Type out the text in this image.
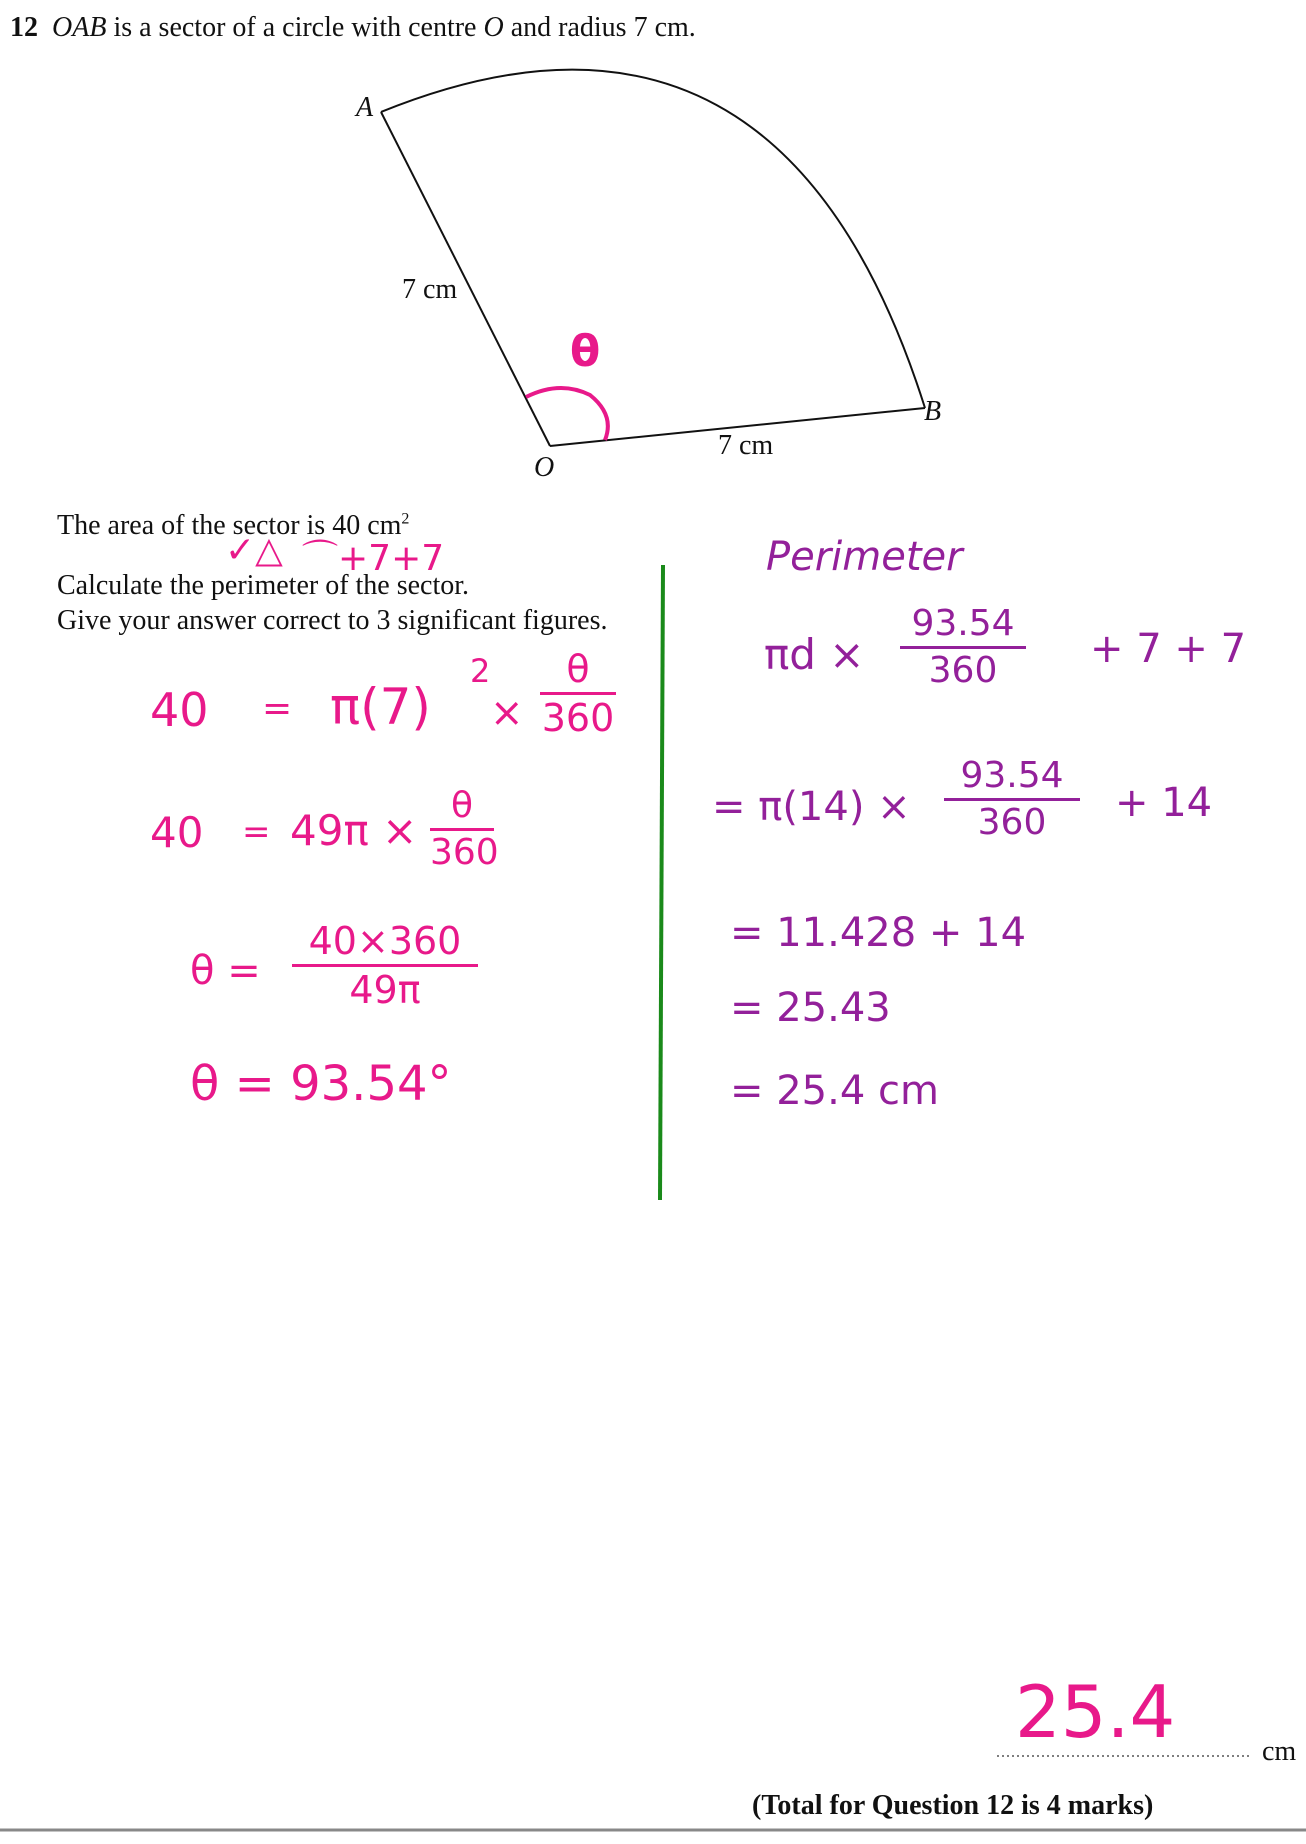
12 OAB is a sector of a circle with centre O and radius 7 cm.
A
B
O
7 cm
7 cm
θ
The area of the sector is 40 $cm^2$
✓△ ⌒+7+7
Calculate the perimeter of the sector.
Give your answer correct to 3 significant figures.
40 = π(7)
2
×
θ
360
40 = 49π ×
θ
360
θ =
40×360
49π
θ = 93.54°
Perimeter
πd ×
93.54
360	+ 7 + 7
= π(14) ×
93.54
360	+ 14
= 11.428 + 14
= 25.43
= 25.4 cm
25.4	cm
(Total for Question 12 is 4 marks)
